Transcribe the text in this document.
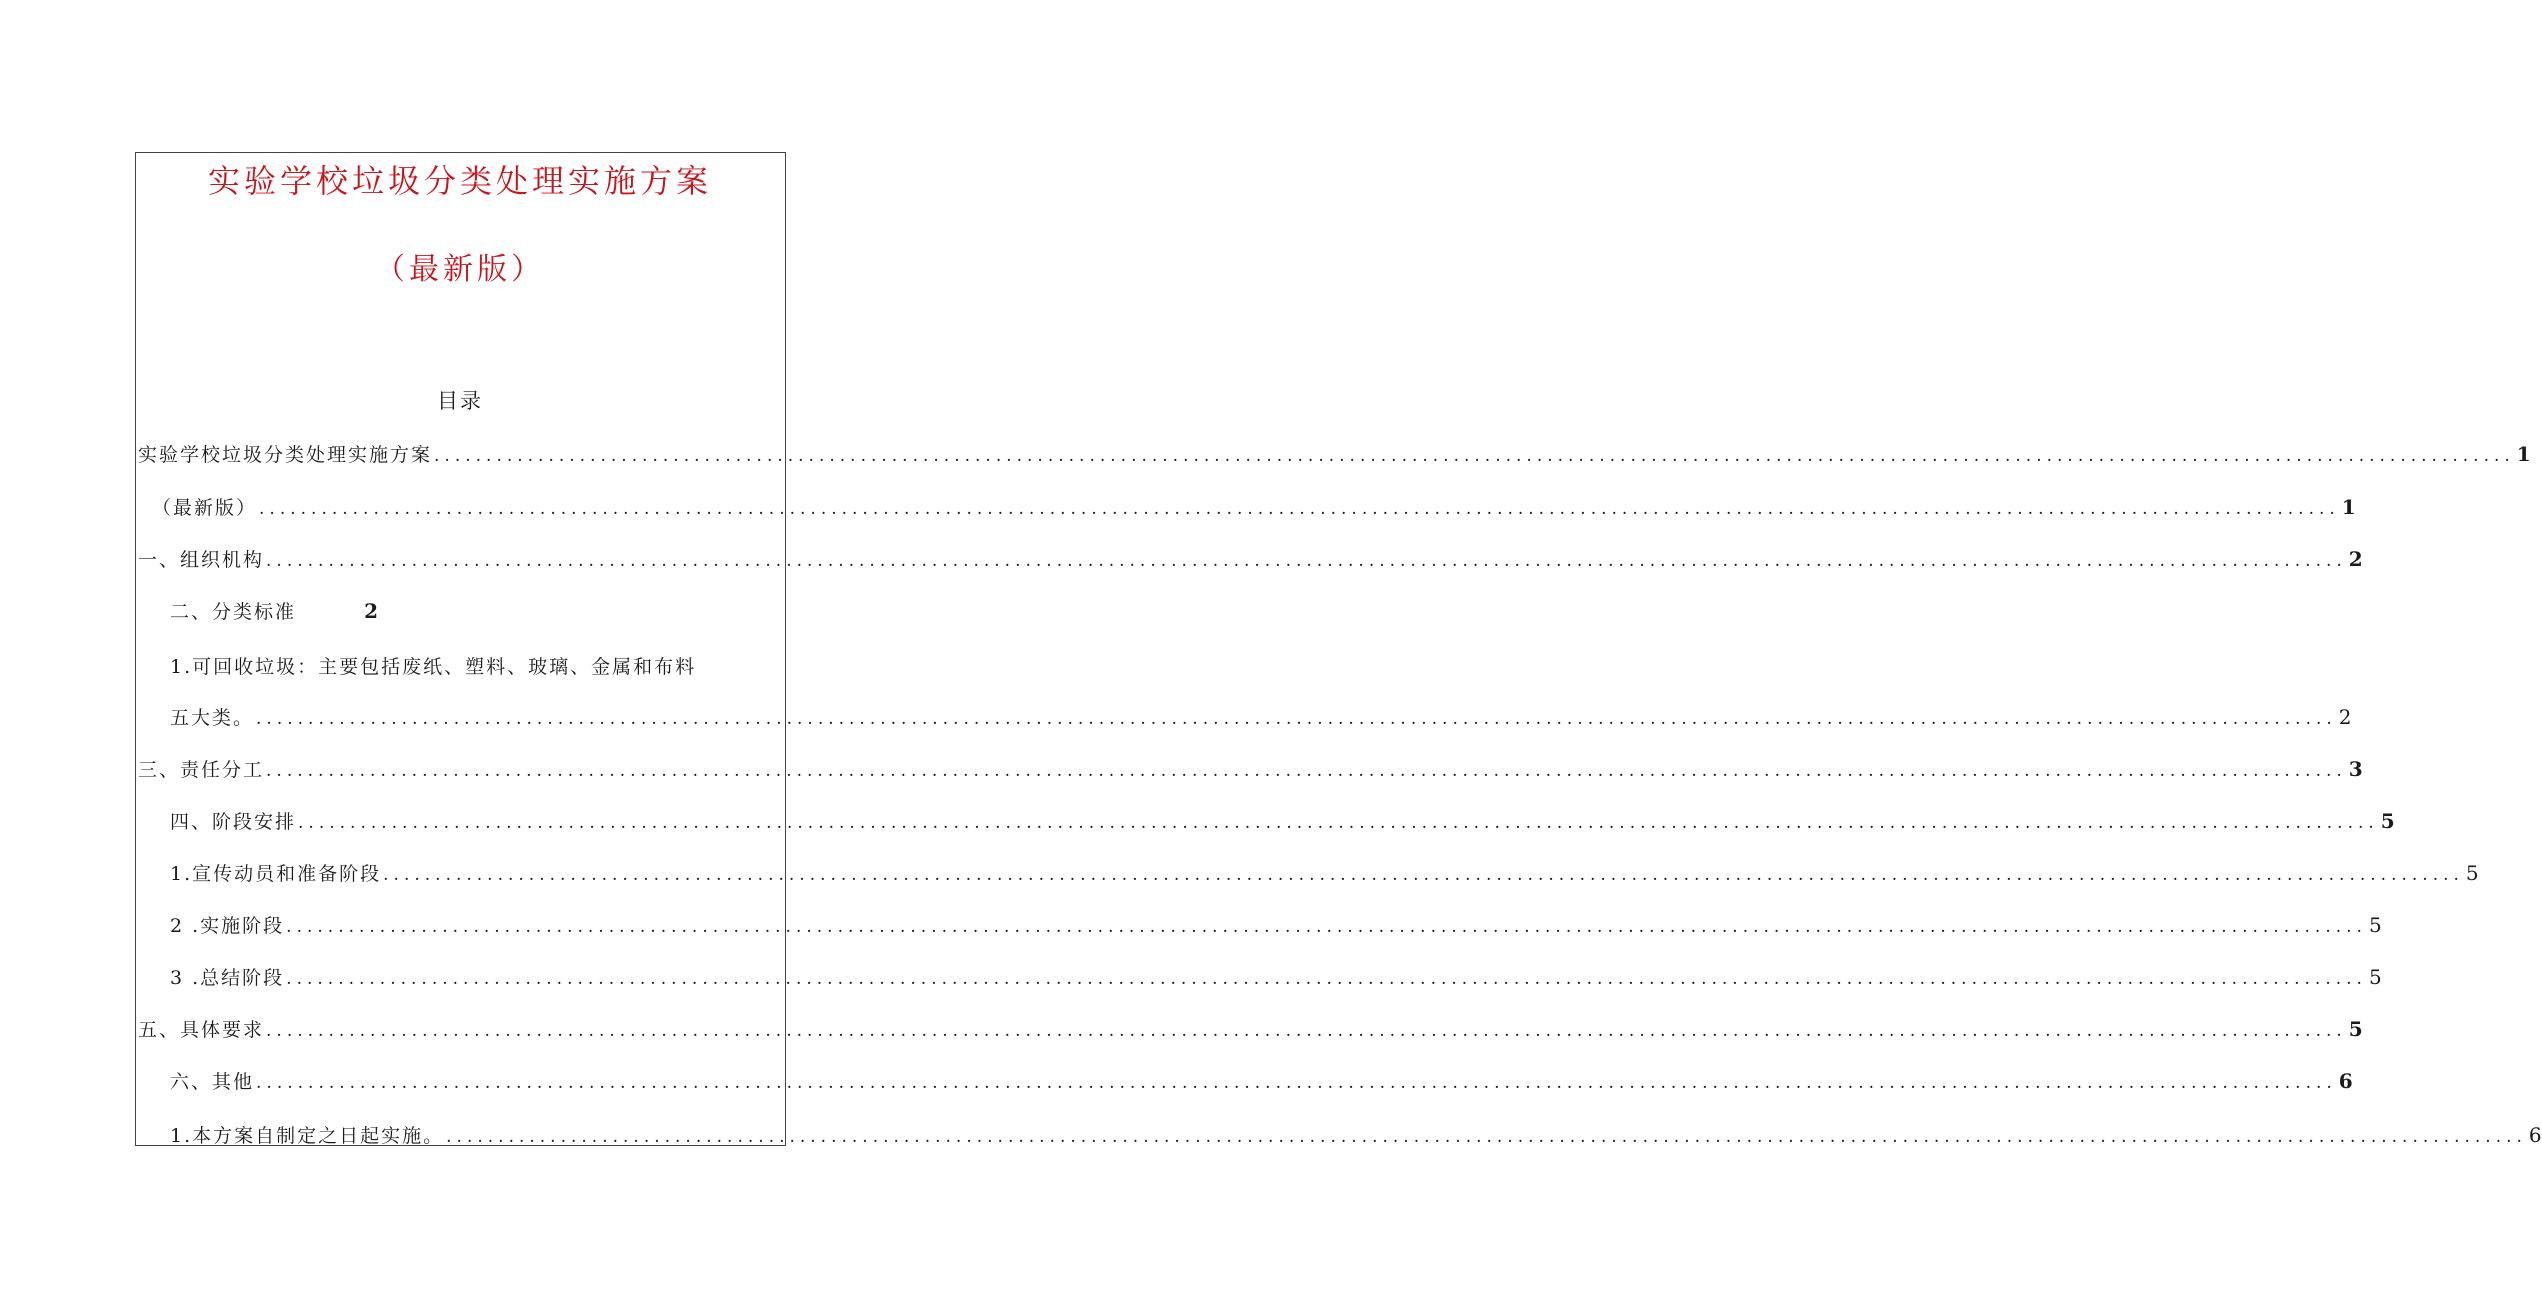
实验学校垃圾分类处理实施方案
（最新版）
目录
实验学校垃圾分类处理实施方案 ........................................................................................................................................................................................................ 1
（最新版） ........................................................................................................................................................................................................ 1
一、组织机构 ........................................................................................................................................................................................................ 2
二、分类标准	2
1.可回收垃圾：主要包括废纸、塑料、玻璃、金属和布料
五大类。 ........................................................................................................................................................................................................ 2
三、责任分工 ........................................................................................................................................................................................................ 3
四、阶段安排 ........................................................................................................................................................................................................ 5
1.宣传动员和准备阶段 ........................................................................................................................................................................................................ 5
2 .实施阶段 ........................................................................................................................................................................................................ 5
3 .总结阶段 ........................................................................................................................................................................................................ 5
五、具体要求 ........................................................................................................................................................................................................ 5
六、其他 ........................................................................................................................................................................................................ 6
1.本方案自制定之日起实施。 ........................................................................................................................................................................................................ 6
